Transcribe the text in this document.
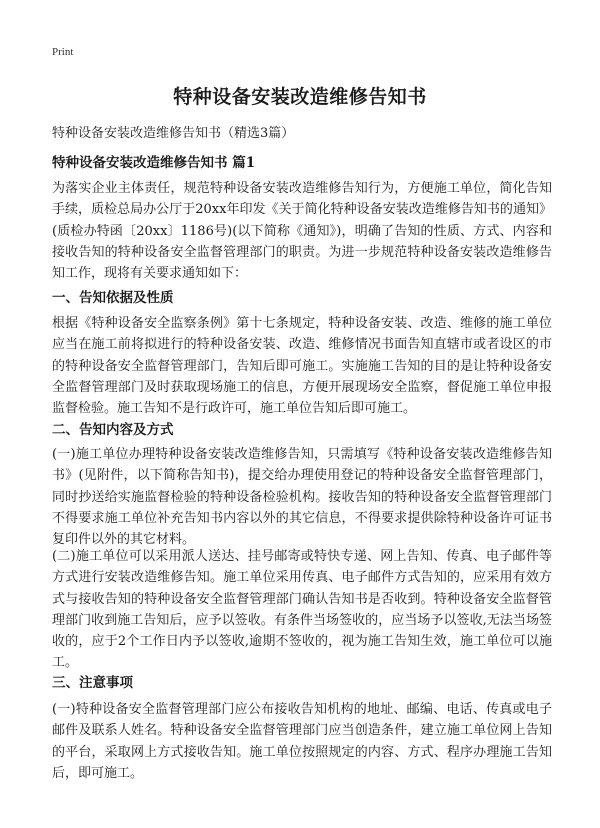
Print
特种设备安装改造维修告知书
特种设备安装改造维修告知书（精选3篇）
特种设备安装改造维修告知书 篇1

为落实企业主体责任，规范特种设备安装改造维修告知行为，方便施工单位，简化告知手续，质检总局办公厅于20xx年印发《关于简化特种设备安装改造维修告知书的通知》(质检办特函〔20xx〕1186号)(以下简称《通知》)，明确了告知的性质、方式、内容和接收告知的特种设备安全监督管理部门的职责。为进一步规范特种设备安装改造维修告知工作，现将有关要求通知如下：

一、告知依据及性质

根据《特种设备安全监察条例》第十七条规定，特种设备安装、改造、维修的施工单位应当在施工前将拟进行的特种设备安装、改造、维修情况书面告知直辖市或者设区的市的特种设备安全监督管理部门，告知后即可施工。实施施工告知的目的是让特种设备安全监督管理部门及时获取现场施工的信息，方便开展现场安全监察，督促施工单位申报监督检验。施工告知不是行政许可，施工单位告知后即可施工。

二、告知内容及方式

(一)施工单位办理特种设备安装改造维修告知，只需填写《特种设备安装改造维修告知书》(见附件，以下简称告知书)，提交给办理使用登记的特种设备安全监督管理部门，同时抄送给实施监督检验的特种设备检验机构。接收告知的特种设备安全监督管理部门不得要求施工单位补充告知书内容以外的其它信息，不得要求提供除特种设备许可证书复印件以外的其它材料。

(二)施工单位可以采用派人送达、挂号邮寄或特快专递、网上告知、传真、电子邮件等方式进行安装改造维修告知。施工单位采用传真、电子邮件方式告知的，应采用有效方式与接收告知的特种设备安全监督管理部门确认告知书是否收到。特种设备安全监督管理部门收到施工告知后，应予以签收。有条件当场签收的，应当场予以签收,无法当场签收的，应于2个工作日内予以签收,逾期不签收的，视为施工告知生效，施工单位可以施工。

三、注意事项

(一)特种设备安全监督管理部门应公布接收告知机构的地址、邮编、电话、传真或电子邮件及联系人姓名。特种设备安全监督管理部门应当创造条件，建立施工单位网上告知的平台，采取网上方式接收告知。施工单位按照规定的内容、方式、程序办理施工告知后，即可施工。
